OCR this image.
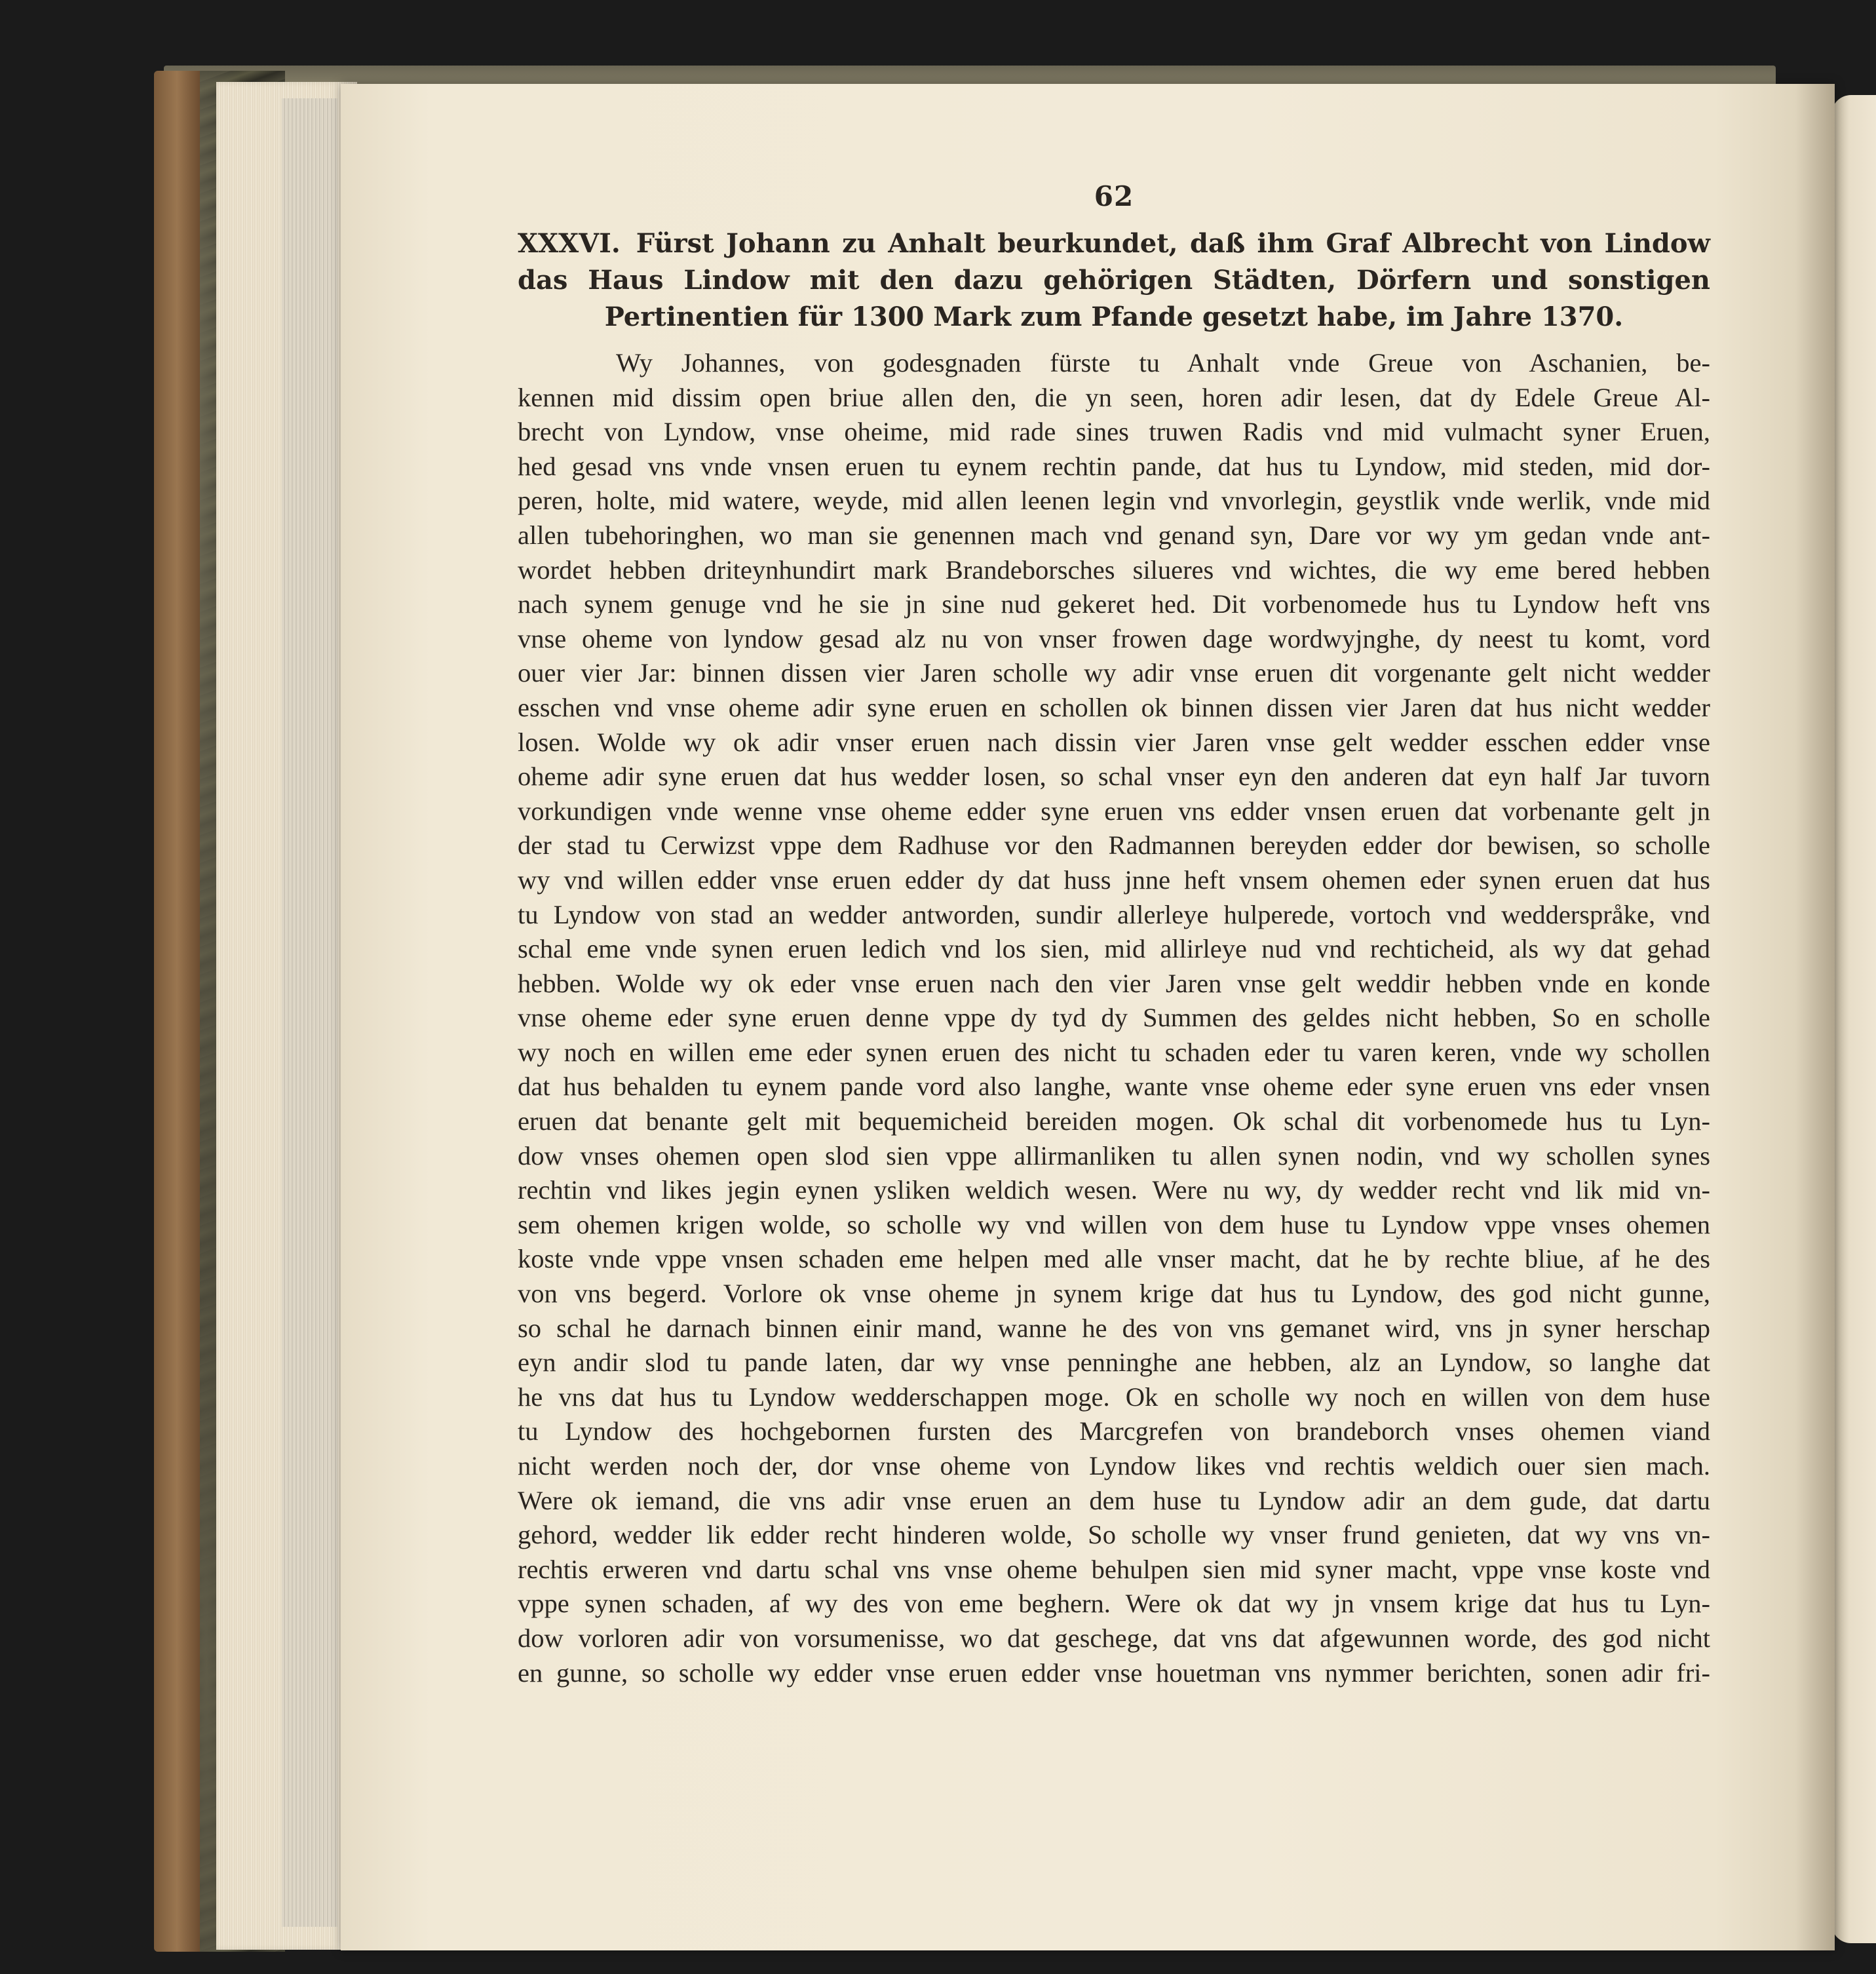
62
XXXVI. Fürst Johann zu Anhalt beurkundet, daß ihm Graf Albrecht von Lindow das Haus Lindow mit den dazu gehörigen Städten, Dörfern und sonstigen Pertinentien für 1300 Mark zum Pfande gesetzt habe, im Jahre 1370.
Wy Johannes, von godesgnaden fürste tu Anhalt vnde Greue von Aschanien, be-
kennen mid dissim open briue allen den, die yn seen, horen adir lesen, dat dy Edele Greue Al-
brecht von Lyndow, vnse oheime, mid rade sines truwen Radis vnd mid vulmacht syner Eruen,
hed gesad vns vnde vnsen eruen tu eynem rechtin pande, dat hus tu Lyndow, mid steden, mid dor-
peren, holte, mid watere, weyde, mid allen leenen legin vnd vnvorlegin, geystlik vnde werlik, vnde mid
allen tubehoringhen, wo man sie genennen mach vnd genand syn, Dare vor wy ym gedan vnde ant-
wordet hebben driteynhundirt mark Brandeborsches silueres vnd wichtes, die wy eme bered hebben
nach synem genuge vnd he sie jn sine nud gekeret hed. Dit vorbenomede hus tu Lyndow heft vns
vnse oheme von lyndow gesad alz nu von vnser frowen dage wordwyjnghe, dy neest tu komt, vord
ouer vier Jar: binnen dissen vier Jaren scholle wy adir vnse eruen dit vorgenante gelt nicht wedder
esschen vnd vnse oheme adir syne eruen en schollen ok binnen dissen vier Jaren dat hus nicht wedder
losen. Wolde wy ok adir vnser eruen nach dissin vier Jaren vnse gelt wedder esschen edder vnse
oheme adir syne eruen dat hus wedder losen, so schal vnser eyn den anderen dat eyn half Jar tuvorn
vorkundigen vnde wenne vnse oheme edder syne eruen vns edder vnsen eruen dat vorbenante gelt jn
der stad tu Cerwizst vppe dem Radhuse vor den Radmannen bereyden edder dor bewisen, so scholle
wy vnd willen edder vnse eruen edder dy dat huss jnne heft vnsem ohemen eder synen eruen dat hus
tu Lyndow von stad an wedder antworden, sundir allerleye hulperede, vortoch vnd wedderspråke, vnd
schal eme vnde synen eruen ledich vnd los sien, mid allirleye nud vnd rechticheid, als wy dat gehad
hebben. Wolde wy ok eder vnse eruen nach den vier Jaren vnse gelt weddir hebben vnde en konde
vnse oheme eder syne eruen denne vppe dy tyd dy Summen des geldes nicht hebben, So en scholle
wy noch en willen eme eder synen eruen des nicht tu schaden eder tu varen keren, vnde wy schollen
dat hus behalden tu eynem pande vord also langhe, wante vnse oheme eder syne eruen vns eder vnsen
eruen dat benante gelt mit bequemicheid bereiden mogen. Ok schal dit vorbenomede hus tu Lyn-
dow vnses ohemen open slod sien vppe allirmanliken tu allen synen nodin, vnd wy schollen synes
rechtin vnd likes jegin eynen ysliken weldich wesen. Were nu wy, dy wedder recht vnd lik mid vn-
sem ohemen krigen wolde, so scholle wy vnd willen von dem huse tu Lyndow vppe vnses ohemen
koste vnde vppe vnsen schaden eme helpen med alle vnser macht, dat he by rechte bliue, af he des
von vns begerd. Vorlore ok vnse oheme jn synem krige dat hus tu Lyndow, des god nicht gunne,
so schal he darnach binnen einir mand, wanne he des von vns gemanet wird, vns jn syner herschap
eyn andir slod tu pande laten, dar wy vnse penninghe ane hebben, alz an Lyndow, so langhe dat
he vns dat hus tu Lyndow wedderschappen moge. Ok en scholle wy noch en willen von dem huse
tu Lyndow des hochgebornen fursten des Marcgrefen von brandeborch vnses ohemen viand
nicht werden noch der, dor vnse oheme von Lyndow likes vnd rechtis weldich ouer sien mach.
Were ok iemand, die vns adir vnse eruen an dem huse tu Lyndow adir an dem gude, dat dartu
gehord, wedder lik edder recht hinderen wolde, So scholle wy vnser frund genieten, dat wy vns vn-
rechtis erweren vnd dartu schal vns vnse oheme behulpen sien mid syner macht, vppe vnse koste vnd
vppe synen schaden, af wy des von eme beghern. Were ok dat wy jn vnsem krige dat hus tu Lyn-
dow vorloren adir von vorsumenisse, wo dat geschege, dat vns dat afgewunnen worde, des god nicht
en gunne, so scholle wy edder vnse eruen edder vnse houetman vns nymmer berichten, sonen adir fri-
